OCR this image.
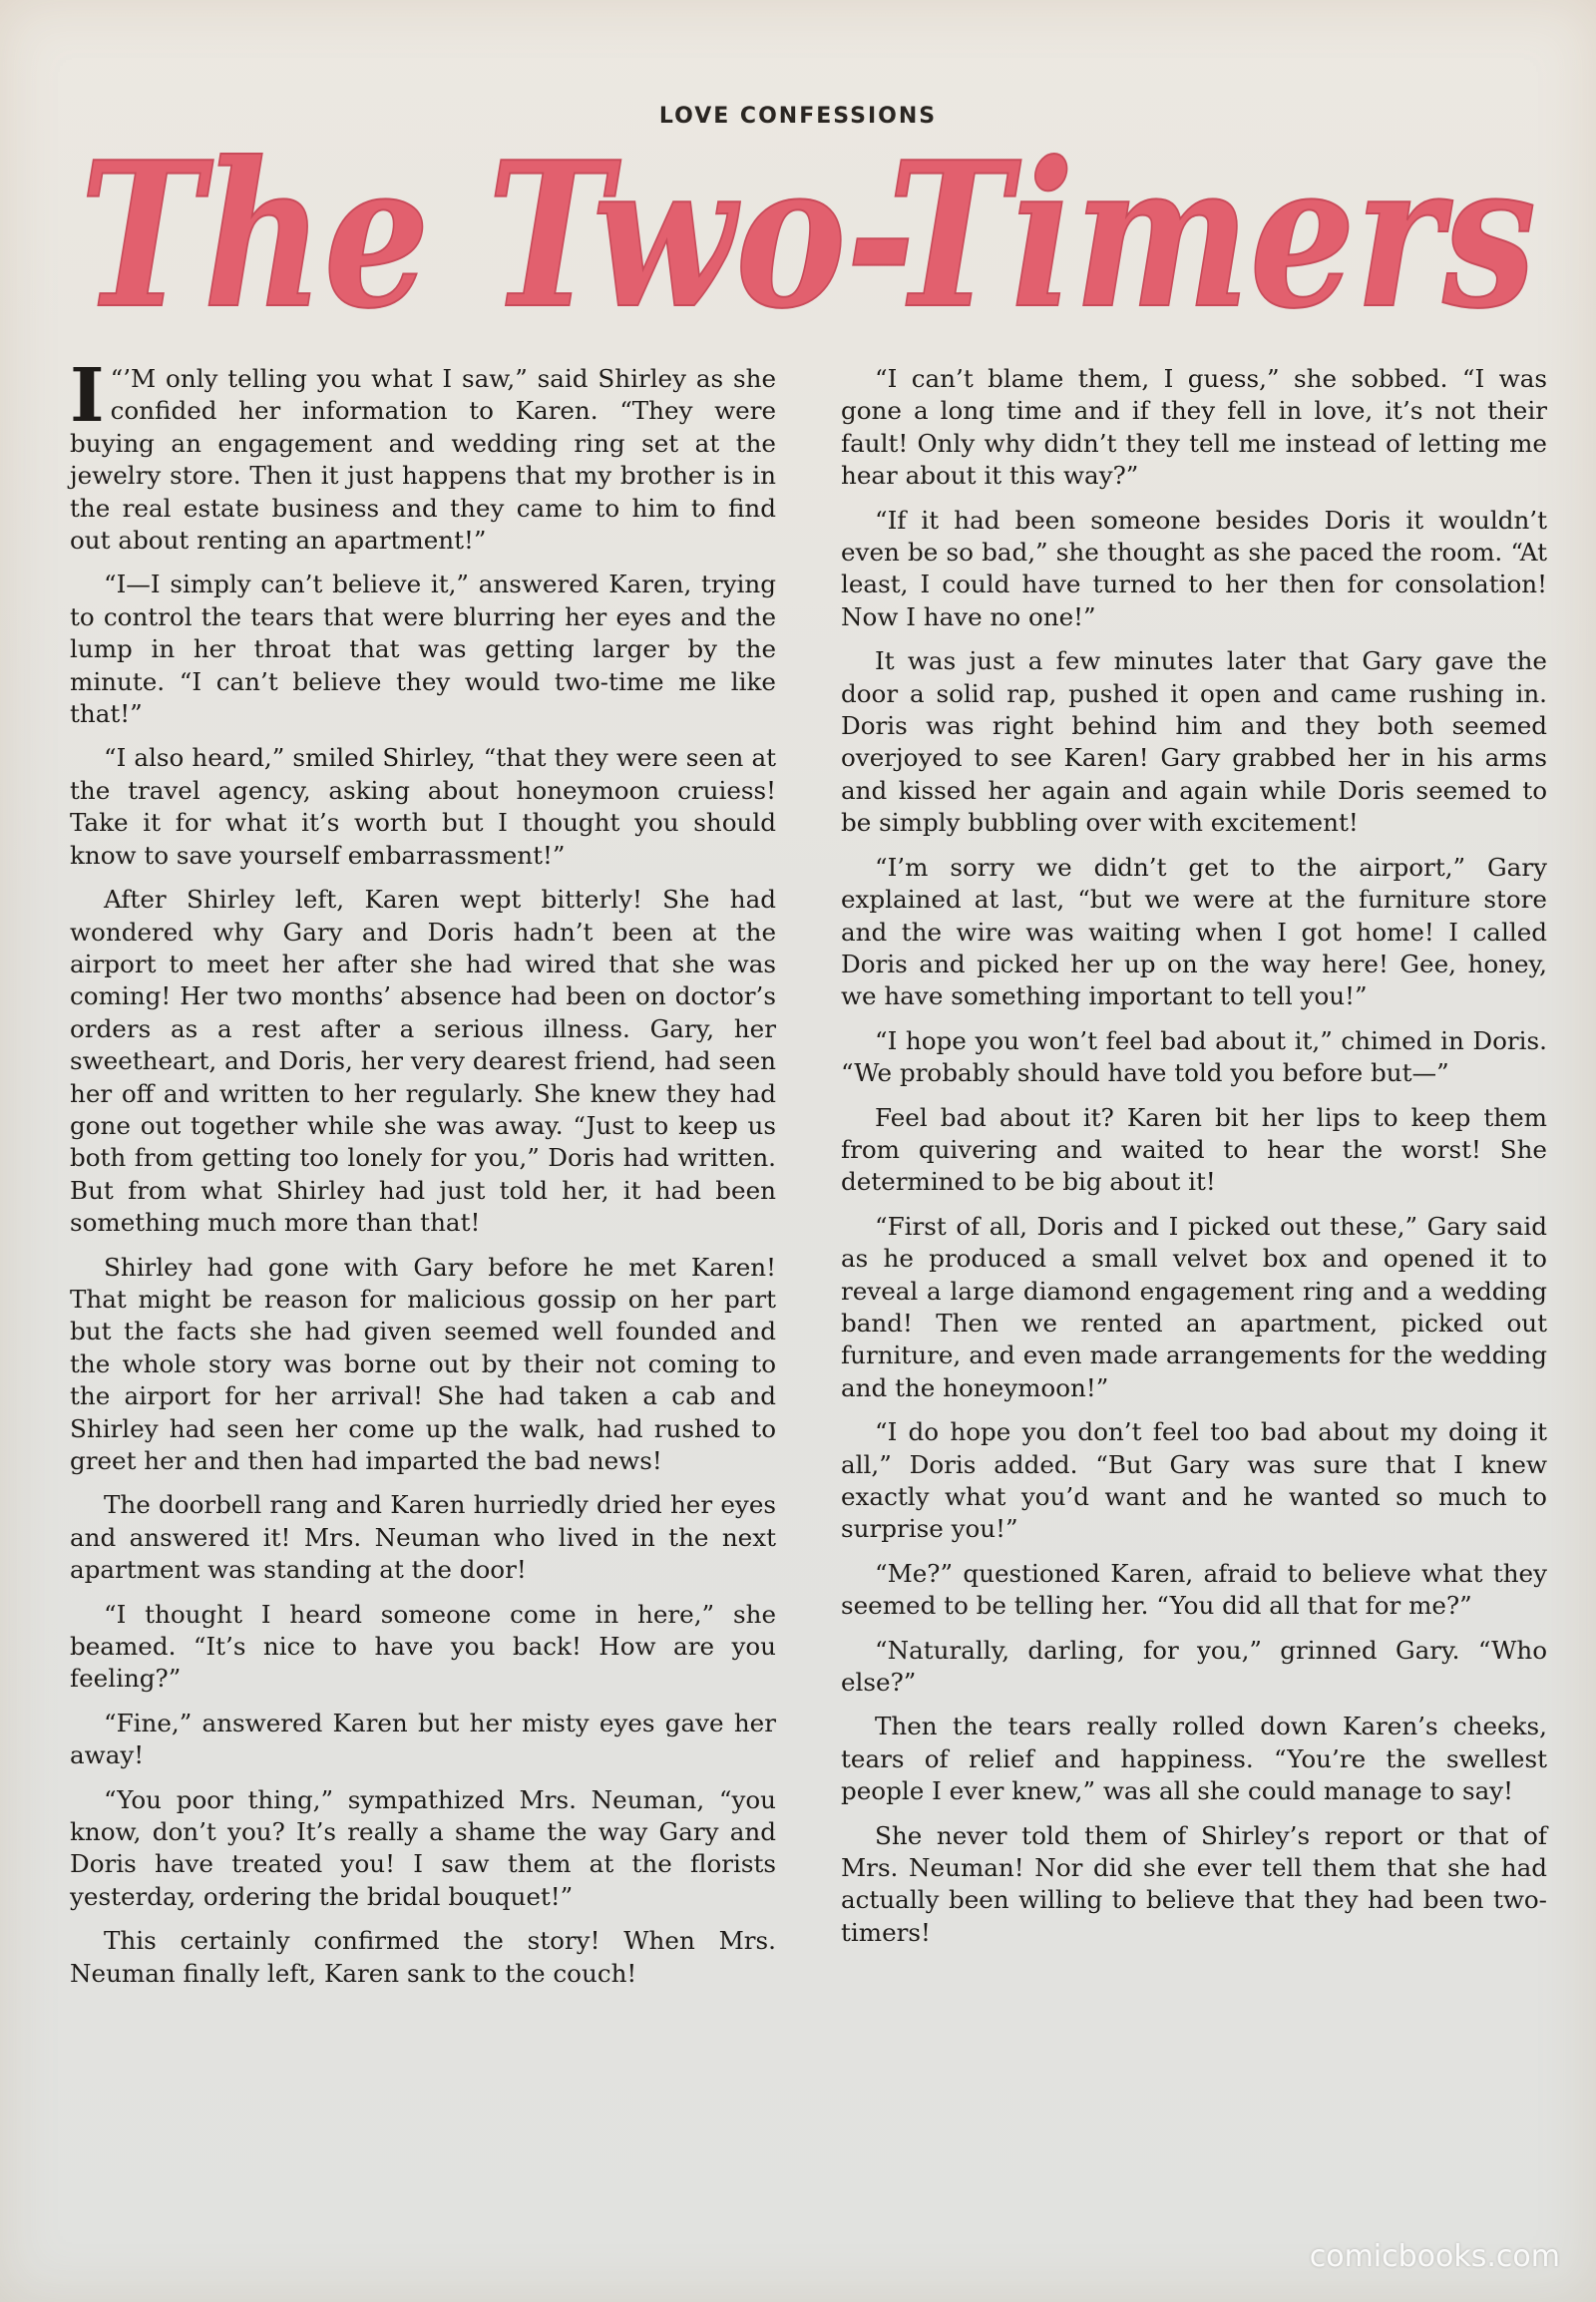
LOVE CONFESSIONS
The Two-Timers

“
I ’M only telling you what I saw,” said Shirley as she confided her information to Karen. “They were buying an engagement and wedding ring set at the jewelry store. Then it just happens that my brother is in the real estate business and they came to him to find out about renting an apartment!”

“I—I simply can’t believe it,” answered Karen, trying to control the tears that were blurring her eyes and the lump in her throat that was getting larger by the minute. “I can’t believe they would two-time me like that!”

“I also heard,” smiled Shirley, “that they were seen at the travel agency, asking about honeymoon cruiess! Take it for what it’s worth but I thought you should know to save yourself embarrassment!”

After Shirley left, Karen wept bitterly! She had wondered why Gary and Doris hadn’t been at the airport to meet her after she had wired that she was coming! Her two months’ absence had been on doctor’s orders as a rest after a serious illness. Gary, her sweetheart, and Doris, her very dearest friend, had seen her off and written to her regularly. She knew they had gone out together while she was away. “Just to keep us both from getting too lonely for you,” Doris had written. But from what Shirley had just told her, it had been something much more than that!

Shirley had gone with Gary before he met Karen! That might be reason for malicious gossip on her part but the facts she had given seemed well founded and the whole story was borne out by their not coming to the airport for her arrival! She had taken a cab and Shirley had seen her come up the walk, had rushed to greet her and then had imparted the bad news!

The doorbell rang and Karen hurriedly dried her eyes and answered it! Mrs. Neuman who lived in the next apartment was standing at the door!

“I thought I heard someone come in here,” she beamed. “It’s nice to have you back! How are you feeling?”

“Fine,” answered Karen but her misty eyes gave her away!

“You poor thing,” sympathized Mrs. Neuman, “you know, don’t you? It’s really a shame the way Gary and Doris have treated you! I saw them at the florists yesterday, ordering the bridal bouquet!”

This certainly confirmed the story! When Mrs. Neuman finally left, Karen sank to the couch!

“I can’t blame them, I guess,” she sobbed. “I was gone a long time and if they fell in love, it’s not their fault! Only why didn’t they tell me instead of letting me hear about it this way?”

“If it had been someone besides Doris it wouldn’t even be so bad,” she thought as she paced the room. “At least, I could have turned to her then for consolation! Now I have no one!”

It was just a few minutes later that Gary gave the door a solid rap, pushed it open and came rushing in. Doris was right behind him and they both seemed overjoyed to see Karen! Gary grabbed her in his arms and kissed her again and again while Doris seemed to be simply bubbling over with excitement!

“I’m sorry we didn’t get to the airport,” Gary explained at last, “but we were at the furniture store and the wire was waiting when I got home! I called Doris and picked her up on the way here! Gee, honey, we have something important to tell you!”

“I hope you won’t feel bad about it,” chimed in Doris. “We probably should have told you before but—”

Feel bad about it? Karen bit her lips to keep them from quivering and waited to hear the worst! She determined to be big about it!

“First of all, Doris and I picked out these,” Gary said as he produced a small velvet box and opened it to reveal a large diamond engagement ring and a wedding band! Then we rented an apartment, picked out furniture, and even made arrangements for the wedding and the honeymoon!”

“I do hope you don’t feel too bad about my doing it all,” Doris added. “But Gary was sure that I knew exactly what you’d want and he wanted so much to surprise you!”

“Me?” questioned Karen, afraid to believe what they seemed to be telling her. “You did all that for me?”

“Naturally, darling, for you,” grinned Gary. “Who else?”

Then the tears really rolled down Karen’s cheeks, tears of relief and happiness. “You’re the swellest people I ever knew,” was all she could manage to say!

She never told them of Shirley’s report or that of Mrs. Neuman! Nor did she ever tell them that she had actually been willing to believe that they had been two-timers!

comicbooks.com
